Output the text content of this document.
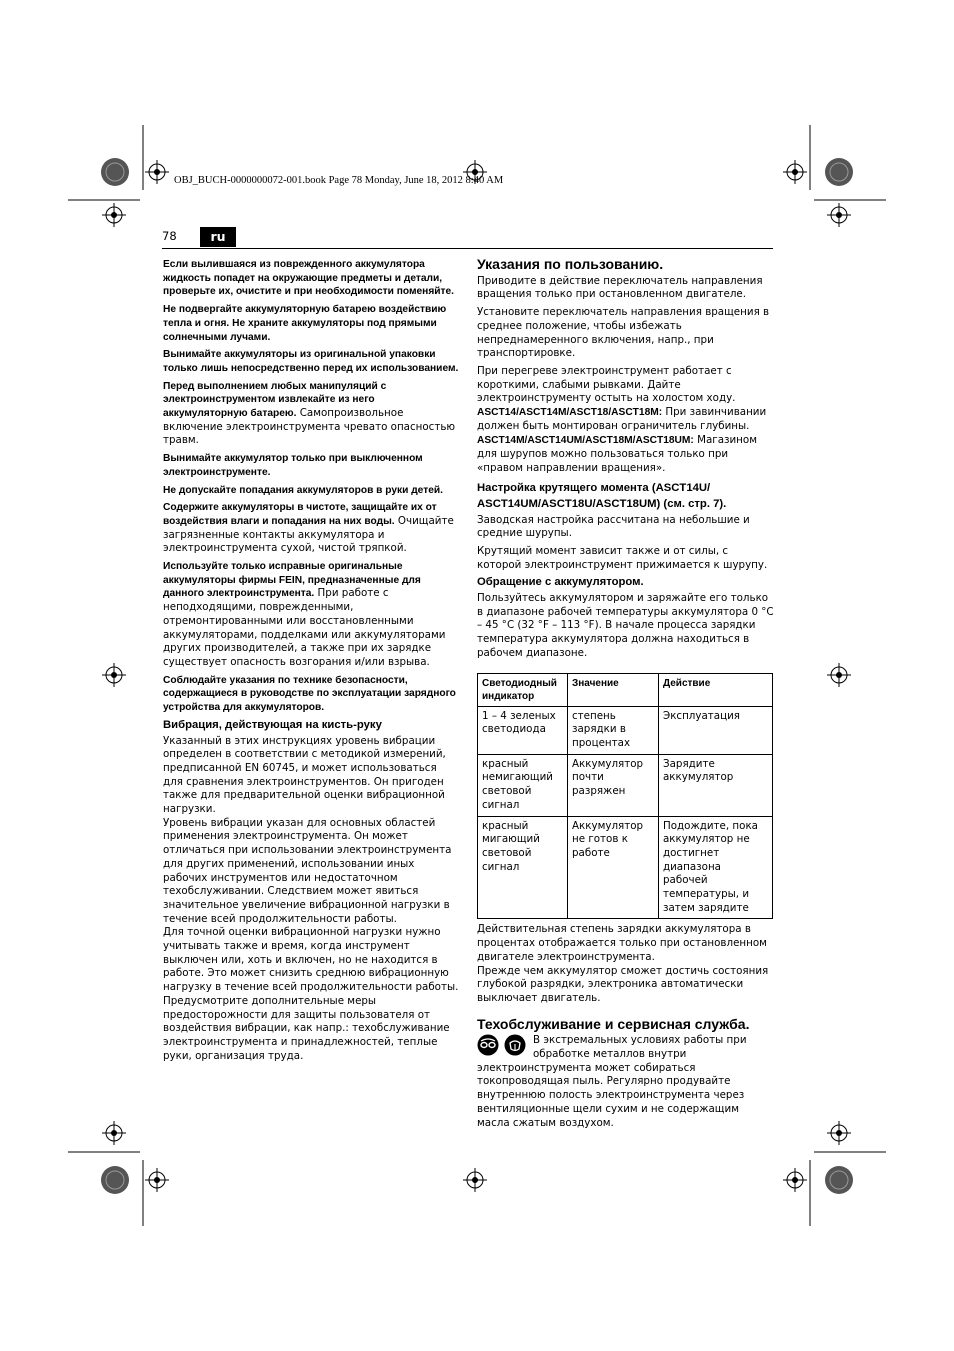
OBJ_BUCH-0000000072-001.book Page 78 Monday, June 18, 2012 8:40 AM
78	ru

Если вылившаяся из поврежденного аккумулятора жидкость попадет на окружающие предметы и детали, проверьте их, очистите и при необходимости поменяйте.

Не подвергайте аккумуляторную батарею воздействию тепла и огня. Не храните аккумуляторы под прямыми солнечными лучами.

Вынимайте аккумуляторы из оригинальной упаковки только лишь непосредственно перед их использованием.

Перед выполнением любых манипуляций с электроинструментом извлекайте из него аккумуляторную батарею. Самопроизвольное включение электроинструмента чревато опасностью травм.

Вынимайте аккумулятор только при выключенном электроинструменте.

Не допускайте попадания аккумуляторов в руки детей.

Содержите аккумуляторы в чистоте, защищайте их от воздействия влаги и попадания на них воды. Очищайте загрязненные контакты аккумулятора и электроинструмента сухой, чистой тряпкой.

Используйте только исправные оригинальные аккумуляторы фирмы FEIN, предназначенные для данного электроинструмента. При работе с неподходящими, поврежденными, отремонтированными или восстановленными аккумуляторами, подделками или аккумуляторами других производителей, а также при их зарядке существует опасность возгорания и/или взрыва.

Соблюдайте указания по технике безопасности, содержащиеся в руководстве по эксплуатации зарядного устройства для аккумуляторов.

Вибрация, действующая на кисть-руку

Указанный в этих инструкциях уровень вибрации определен в соответствии с методикой измерений, предписанной EN 60745, и может использоваться для сравнения электроинструментов. Он пригоден также для предварительной оценки вибрационной нагрузки.

Уровень вибрации указан для основных областей применения электроинструмента. Он может отличаться при использовании электроинструмента для других применений, использовании иных рабочих инструментов или недостаточном техобслуживании. Следствием может явиться значительное увеличение вибрационной нагрузки в течение всей продолжительности работы.

Для точной оценки вибрационной нагрузки нужно учитывать также и время, когда инструмент выключен или, хоть и включен, но не находится в работе. Это может снизить среднюю вибрационную нагрузку в течение всей продолжительности работы.

Предусмотрите дополнительные меры предосторожности для защиты пользователя от воздействия вибрации, как напр.: техобслуживание электроинструмента и принадлежностей, теплые руки, организация труда.

Указания по пользованию.

Приводите в действие переключатель направления вращения только при остановленном двигателе.

Установите переключатель направления вращения в среднее положение, чтобы избежать непреднамеренного включения, напр., при транспортировке.

При перегреве электроинструмент работает с короткими, слабыми рывками. Дайте электроинструменту остыть на холостом ходу.

ASCT14/ASCT14M/ASCT18/ASCT18M: При завинчивании должен быть монтирован ограничитель глубины.

ASCT14M/ASCT14UM/ASCT18M/ASCT18UM: Магазином для шурупов можно пользоваться только при «правом направлении вращения».

Настройка крутящего момента (ASCT14U/ ASCT14UM/ASCT18U/ASCT18UM) (см. стр. 7).

Заводская настройка рассчитана на небольшие и средние шурупы.

Крутящий момент зависит также и от силы, с которой электроинструмент прижимается к шурупу.

Обращение с аккумулятором.

Пользуйтесь аккумулятором и заряжайте его только в диапазоне рабочей температуры аккумулятора 0 °C – 45 °C (32 °F – 113 °F). В начале процесса зарядки температура аккумулятора должна находиться в рабочем диапазоне.

Светодиодный индикатор	Значение	Действие
1 – 4 зеленых светодиода	степень зарядки в процентах	Эксплуатация
красный немигающий световой сигнал	Аккумулятор почти разряжен	Зарядите аккумулятор
красный мигающий световой сигнал	Аккумулятор не готов к работе	Подождите, пока аккумулятор не достигнет диапазона рабочей температуры, и затем зарядите

Действительная степень зарядки аккумулятора в процентах отображается только при остановленном двигателе электроинструмента.

Прежде чем аккумулятор сможет достичь состояния глубокой разрядки, электроника автоматически выключает двигатель.

Техобслуживание и сервисная служба.

В экстремальных условиях работы при обработке металлов внутри электроинструмента может собираться токопроводящая пыль. Регулярно продувайте внутреннюю полость электроинструмента через вентиляционные щели сухим и не содержащим масла сжатым воздухом.
